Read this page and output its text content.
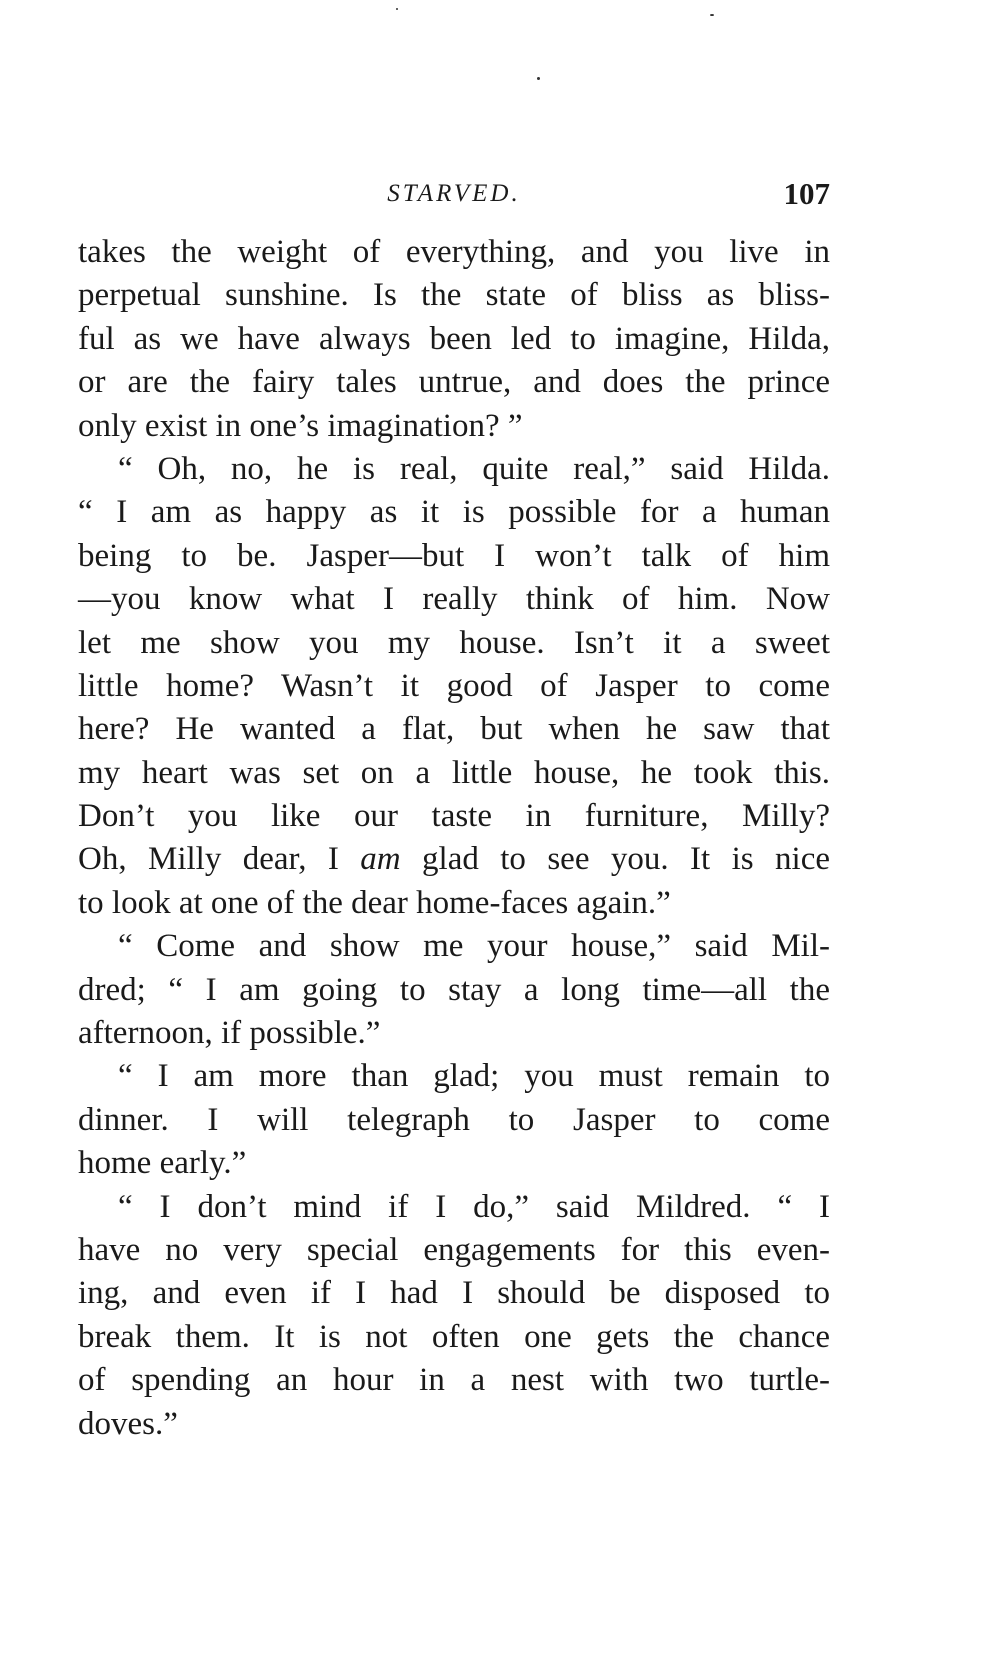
STARVED.	107
takes the weight of everything, and you live in
perpetual sunshine. Is the state of bliss as bliss-
ful as we have always been led to imagine, Hilda,
or are the fairy tales untrue, and does the prince
only exist in one’s imagination? ”
“ Oh, no, he is real, quite real,” said Hilda.
“ I am as happy as it is possible for a human
being to be. Jasper—but I won’t talk of him
—you know what I really think of him. Now
let me show you my house. Isn’t it a sweet
little home? Wasn’t it good of Jasper to come
here? He wanted a flat, but when he saw that
my heart was set on a little house, he took this.
Don’t you like our taste in furniture, Milly?
Oh, Milly dear, I am glad to see you. It is nice
to look at one of the dear home-faces again.”
“ Come and show me your house,” said Mil-
dred; “ I am going to stay a long time—all the
afternoon, if possible.”
“ I am more than glad; you must remain to
dinner. I will telegraph to Jasper to come
home early.”
“ I don’t mind if I do,” said Mildred. “ I
have no very special engagements for this even-
ing, and even if I had I should be disposed to
break them. It is not often one gets the chance
of spending an hour in a nest with two turtle-
doves.”
